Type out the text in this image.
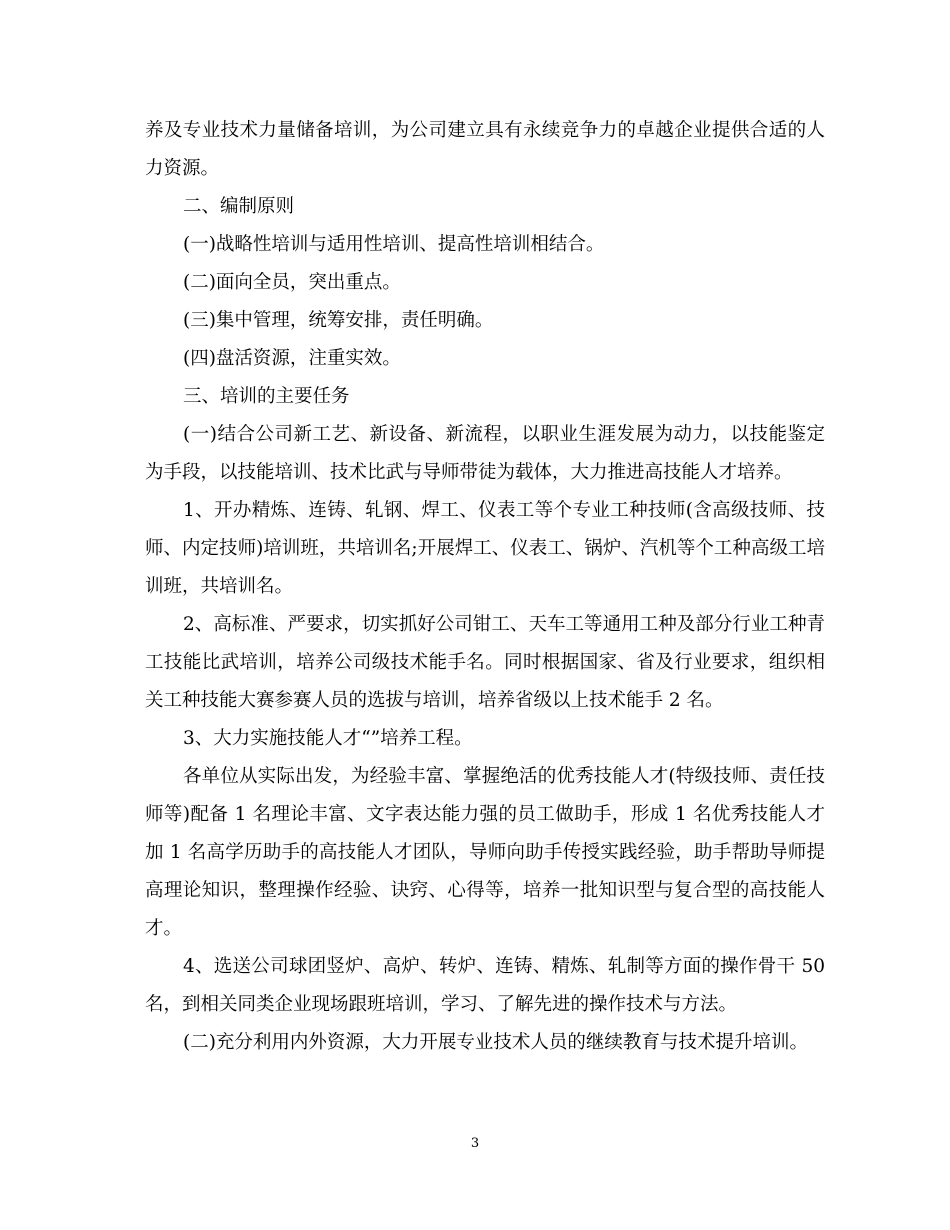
养及专业技术力量储备培训，为公司建立具有永续竞争力的卓越企业提供合适的人力资源。

二、编制原则

(一)战略性培训与适用性培训、提高性培训相结合。

(二)面向全员，突出重点。

(三)集中管理，统筹安排，责任明确。

(四)盘活资源，注重实效。

三、培训的主要任务

(一)结合公司新工艺、新设备、新流程，以职业生涯发展为动力，以技能鉴定为手段，以技能培训、技术比武与导师带徒为载体，大力推进高技能人才培养。

1、开办精炼、连铸、轧钢、焊工、仪表工等个专业工种技师(含高级技师、技师、内定技师)培训班，共培训名;开展焊工、仪表工、锅炉、汽机等个工种高级工培训班，共培训名。

2、高标准、严要求，切实抓好公司钳工、天车工等通用工种及部分行业工种青工技能比武培训，培养公司级技术能手名。同时根据国家、省及行业要求，组织相关工种技能大赛参赛人员的选拔与培训，培养省级以上技术能手 2 名。

3、大力实施技能人才“”培养工程。

各单位从实际出发，为经验丰富、掌握绝活的优秀技能人才(特级技师、责任技师等)配备 1 名理论丰富、文字表达能力强的员工做助手，形成 1 名优秀技能人才加 1 名高学历助手的高技能人才团队，导师向助手传授实践经验，助手帮助导师提高理论知识，整理操作经验、诀窍、心得等，培养一批知识型与复合型的高技能人才。

4、选送公司球团竖炉、高炉、转炉、连铸、精炼、轧制等方面的操作骨干 50 名，到相关同类企业现场跟班培训，学习、了解先进的操作技术与方法。

(二)充分利用内外资源，大力开展专业技术人员的继续教育与技术提升培训。

3
